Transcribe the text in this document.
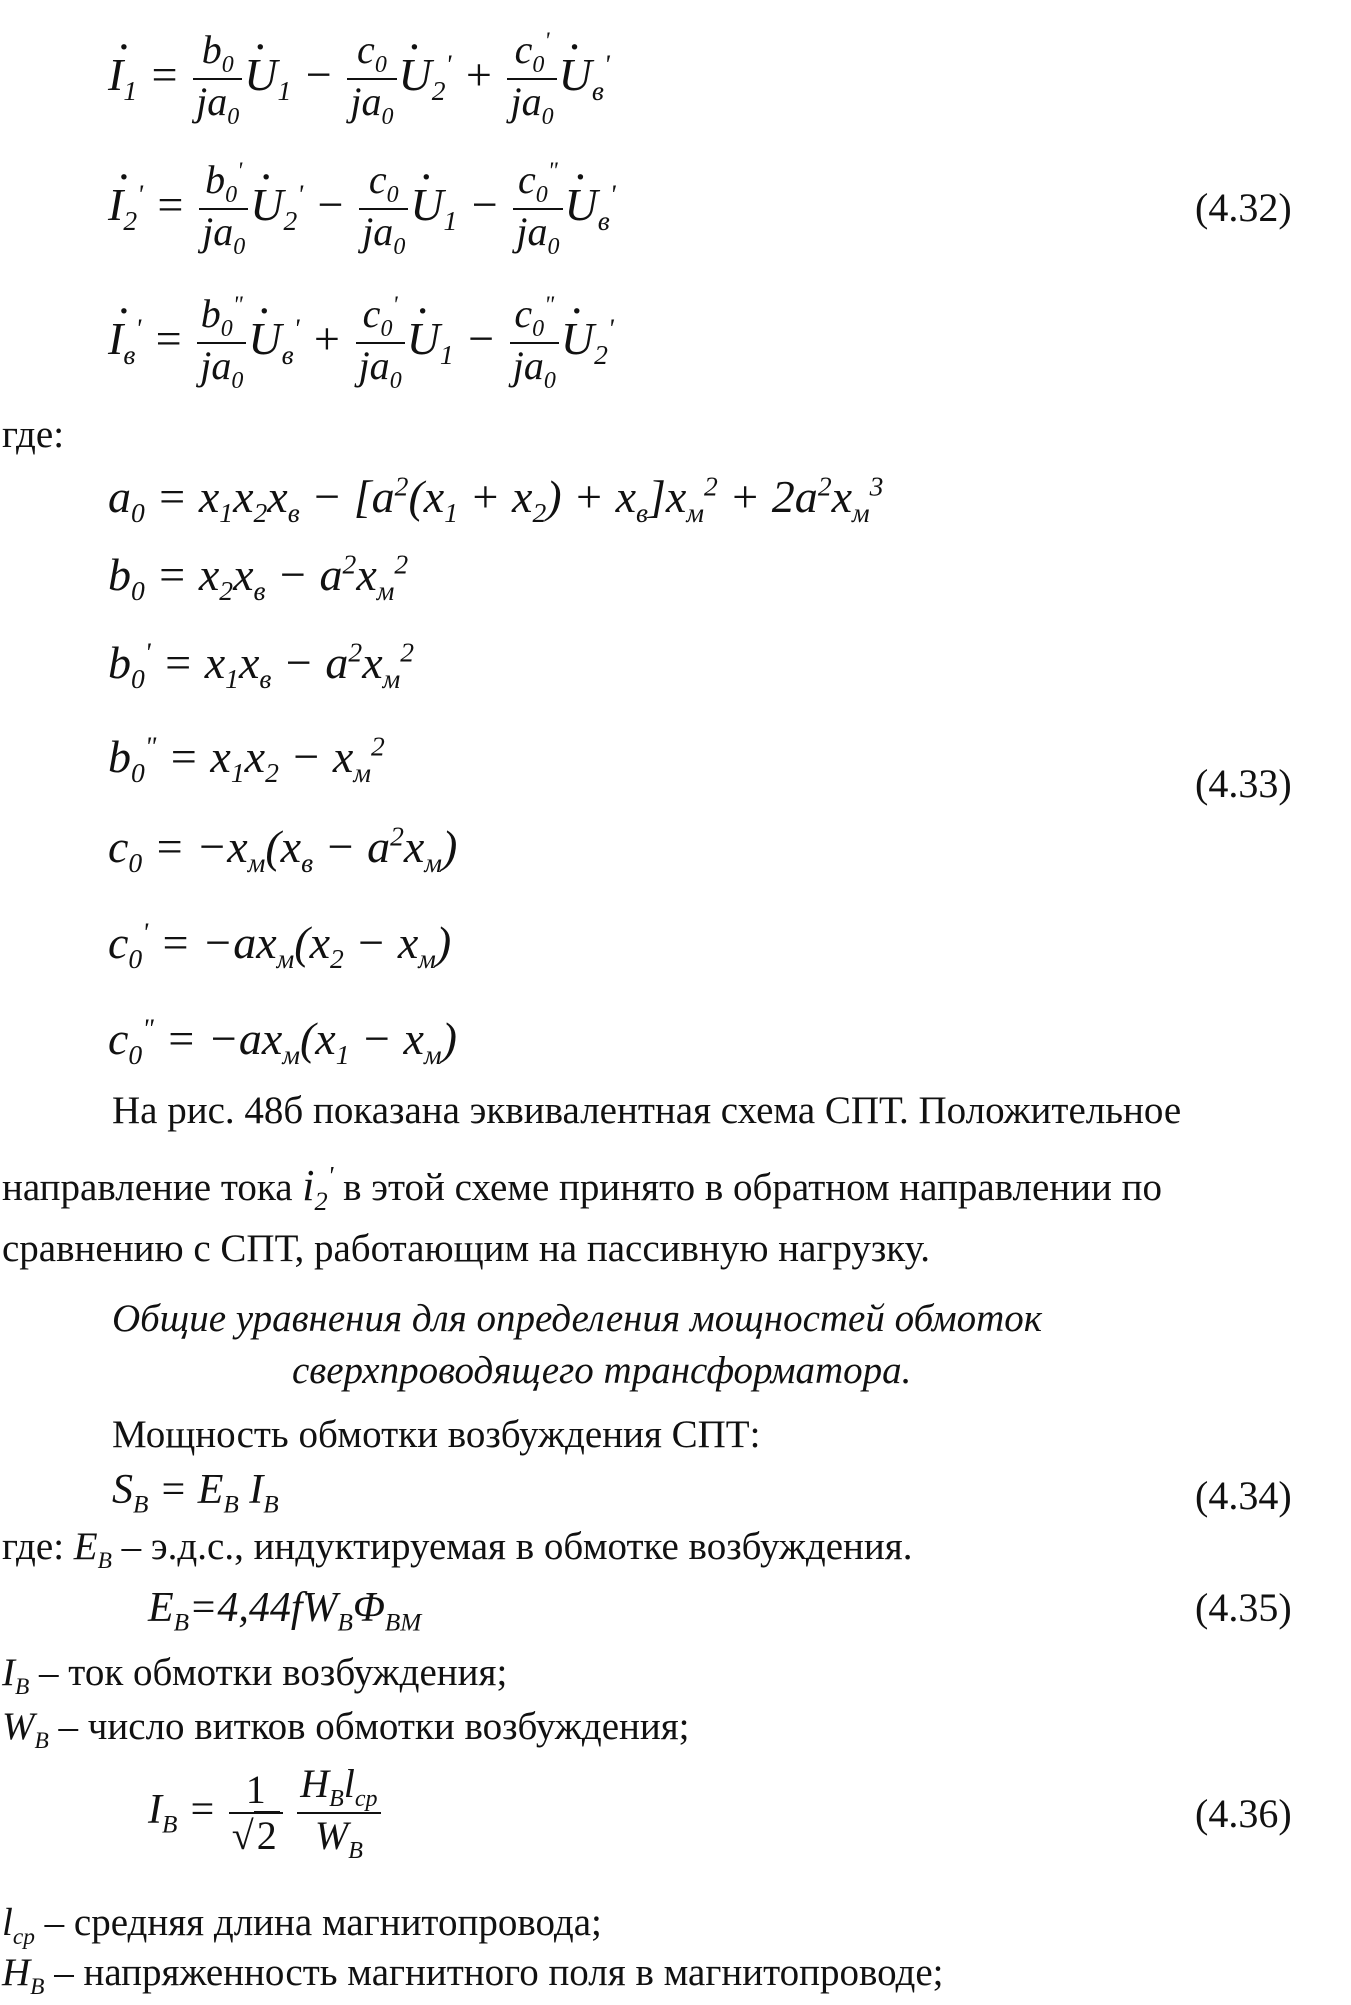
· $I_1 = \frac{b_0}{ja_0}$
· $U_1 - \frac{c_0}{ja_0}$
· $U_2' + \frac{c_0'}{ja_0}$
· $U_в'$
· $I_2' = \frac{b_0'}{ja_0}$
· $U_2' - \frac{c_0}{ja_0}$
· $U_1 - \frac{c_0^"}{ja_0}$
· $U_в'$	(4.32)
· $I_в' = \frac{b_0^"}{ja_0}$
· $U_в' + \frac{c_0'}{ja_0}$
· $U_1 - \frac{c_0^"}{ja_0}$
· $U_2'$
где:
$a_0 = x_1x_2x_в - [a^2(x_1 + x_2) + x_в]x_м^2 + 2a^2x_м^3$
$b_0 = x_2x_в - a^2x_м^2$
$b_0' = x_1x_в - a^2x_м^2$
$b_0^" = x_1x_2 - x_м^2$
(4.33)
$c_0 = -x_м(x_в - a^2x_м)$
$c_0' = -ax_м(x_2 - x_м)$
$c_0^" = -ax_м(x_1 - x_м)$
На рис. 48б показана эквивалентная схема СПТ. Положительное
направление тока $i_2'$ в этой схеме принято в обратном направлении по
сравнению с СПТ, работающим на пассивную нагрузку.
Общие уравнения для определения мощностей обмоток
сверхпроводящего трансформатора.
Мощность обмотки возбуждения СПТ:
$S_В = E_В$ $I_В$	(4.34)
где: $E_В - э.д.с$., индуктируемая в обмотке возбуждения.
$E_В=4,44fW_В\Phi_{ВМ}$	(4.35)
$I_В$ – ток обмотки возбуждения;
$W_В$ – число витков обмотки возбуждения;
$I_В = \frac{1}{√2}$
$\frac{H_Вl_{ср}}{W_В}$	(4.36)
$l_{ср}$ – средняя длина магнитопровода;
$H_В$ – напряженность магнитного поля в магнитопроводе;
